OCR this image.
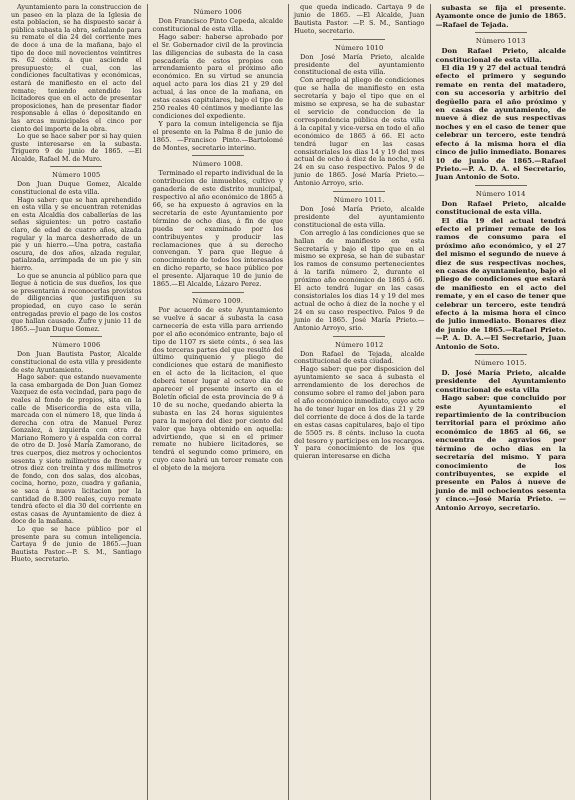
Ayuntamiento para la construccion de un paseo en la plaza de la Iglesia de esta poblacion, se ha dispuesto sacar á pública subasta la obra, señalando para su remate el dia 24 del corriente mes de doce á una de la mañana, bajo el tipo de doce mil novecientos veintitres rs. 62 cénts. á que asciende el presupuesto; el cual, con las condiciones facultativas y económicas, estará de manifiesto en el acto del remate; teniendo entendido los licitadores que en el acto de presentar proposiciones, han de presentar fiador responsable á ellas ó depositando en las arcas municipales el cinco por ciento del importe de la obra.

Lo que se hace saber por si hay quien guste interesarse en la subasta. Triguero 9 de junio de 1865. —El Alcalde, Rafael M. de Muro.

Número 1005

Don Juan Duque Gomez, Alcalde constitucional de esta villa.

Hago saber: que se han aprehendido en esta villa y se encuentran retenidas en esta Alcaldía dos caballerías de las señas siguientes: un potro castaño claro, de edad de cuatro años, alzada regular y la marca desherrado de un pie y un hierro.—Una potra, castaña oscura, de dos años, alzada regular, patialzada, arrimpada de un pie y sin hierro.

Lo que se anuncia al público para que llegue á noticia de sus dueños, los que se presentarán á reconocerlas provistos de diligencias que justifiquen su propiedad, en cuyo caso le serán entregadas previo el pago de los costos que hallan causado. Zufre y junio 11 de 1865.—Juan Duque Gomez.

Número 1006

Don Juan Bautista Pastor, Alcalde constitucional de esta villa y presidente de este Ayuntamiento.

Hago saber: que estando nuevamente la casa embargada de Don Juan Gomez Vazquez de esta vecindad, para pago de reales al fondo de propios, sita en la calle de Misericordia de esta villa, marcada con el número 18, que linda á derecha con otra de Manuel Perez Gonzalez, á izquierda con otra de Mariano Romero y á espalda con corral de otro de D. José María Zamorano, de tres cuerpos, diez metros y ochocientos sesenta y siete milímetros de frente y otros diez con treinta y dos milímetros de fondo, con dos salas, dos alcobas, cocina, horno, pozo, cuadra y gañania, se saca á nueva licitacion por la cantidad de 8.300 reales, cuyo remate tendrá efecto el dia 30 del corriente en estas casas de Ayuntamiento de diez á doce de la mañana.

Lo que se hace público por el presente para su comun inteligencia. Cartaya 9 de junio de 1865.—Juan Bautista Pastor.—P. S. M., Santiago Hueto, secretario.

Número 1006

Don Francisco Pinto Cepeda, alcalde constitucional de esta villa.

Hago saber: haberse aprobado por el Sr. Gobernador civil de la provincia las diligencias de subasta de la casa pescadería de estos propios con arrendamiento para el próximo año económico. En su virtud se anuncia aquel acto para los dias 21 y 29 del actual, á las once de la mañana, en estas casas capitulares, bajo el tipo de 250 reales 40 céntimos y mediante las condiciones del expediente.

Y para la comun inteligencia se fija el presente en la Palma 8 de junio de 1865. —Francisco Pinto.—Bartolomé de Montes, secretario interino.

Número 1008.

Terminado el reparto individual de la contribucion de inmuebles, cultivo y ganadería de este distrito municipal, respectivo al año económico de 1865 á 66, se ha expuesto á agravios en la secretaría de este Ayuntamiento por término de ocho dias, á fin de que pueda ser examinado por los contribuyentes y producir las reclamaciones que á su derecho convengan. Y para que llegue á conocimiento de todos los interesados en dicho reparto, se hace público por el presente. Aljaraque 10 de junio de 1865.—El Alcalde, Lázaro Perez.

Número 1009.

Por acuerdo de este Ayuntamiento se vuelve á sacar á subasta la casa carnecería de esta villa para arriendo por el año económico entrante, bajo el tipo de 1107 rs siete cénts., ó sea las dos terceras partes del que resultó del último quinquenio y pliego de condiciones que estará de manifiesto en el acto de la licitacion, el que deberá tener lugar al octavo dia de aparecer el presente inserto en el Boletín oficial de esta provincia de 9 á 10 de su noche, quedando abierta la subasta en las 24 horas siguientes para la mejora del diez por ciento del valor que haya obtenido en aquella: advirtiendo, que si en el primer remate no hubiere licitadores, se tendrá el segundo como primero, en cuyo caso habrá un tercer remate con el objeto de la mejora

que queda indicado. Cartaya 9 de junio de 1865. —El Alcalde, Juan Bautista Pastor. —P. S. M., Santiago Hueto, secretario.

Número 1010

Don José María Prieto, alcalde presidente del ayuntamiento constitucional de esta villa.

Con arreglo al pliego de condiciones que se halla de manifiesto en esta secretaría y bajo el tipo que en el mismo se expresa, se ha de subastar el servicio de conduccion de la correspondencia pública de esta villa á la capital y vice-versa en todo el año económico de 1865 á 66. El acto tendrá lugar en las casas consistoriales los dias 14 y 19 del mes actual de ocho á diez de la noche, y el 24 en su caso respectivo. Palos 9 de junio de 1865. José María Prieto.—Antonio Arroyo, srio.

Número 1011.

Don José María Prieto, alcalde presidente del ayuntamiento constitucional de esta villa.

Con arreglo á las condiciones que se hallan de manifiesto en esta Secretaría y bajo el tipo que en el mismo se expresa, se han de subastar los ramos de consumo pertenecientes á la tarifa número 2, durante el próximo año económico de 1865 á 66. El acto tendrá lugar en las casas consistoriales los dias 14 y 19 del mes actual de ocho á diez de la noche y el 24 en su caso respectivo. Palos 9 de junio de 1865. José María Prieto.—Antonio Arroyo, srio.

Número 1012

Don Rafael de Tejada, alcalde constitucional de esta ciudad.

Hago saber: que por disposicion del ayuntamiento se saca á subasta el arrendamiento de los derechos de consumo sobre el ramo del jabon para el año económico inmediato, cuyo acto ha de tener lugar en los dias 21 y 29 del corriente de doce á dos de la tarde en estas casas capitulares, bajo el tipo de 5505 rs. 8 cénts. incluso la cuota del tesoro y participes en los recargos. Y para conocimiento de los que quieran interesarse en dicha

subasta se fija el presente. Ayamonte once de junio de 1865.—Rafael de Tejada.

Número 1013

Don Rafael Prieto, alcalde constitucional de esta villa.

El dia 19 y 27 del actual tendrá efecto el primero y segundo remate en renta del matadero, con su accesoria y arbitrio del degüello para el año próximo y en casas de ayuntamiento, de nueve á diez de sus respectivas noches y en el caso de tener que celebrar un tercero, este tendrá efecto á la misma hora el dia cinco de julio inmediato. Bonares 10 de junio de 1865.—Rafael Prieto.—P. A. D. A. el Secretario, Juan Antonio de Soto.

Número 1014

Don Rafael Prieto, alcalde constitucional de esta villa.

El dia 19 del actual tendrá efecto el primer remate de los ramos de consumo para el próximo año económico, y el 27 del mismo el segundo de nueve á diez de sus respectivas noches, en casas de ayuntamiento, bajo el pliego de condiciones que estará de manifiesto en el acto del remate, y en el caso de tener que celebrar un tercero, este tendrá efecto á la misma hora el cinco de julio inmediato. Bonares diez de junio de 1865.—Rafael Prieto.—P. A. D. A.—El Secretario, Juan Antonio de Soto.

Número 1015.

D. José María Prieto, alcalde presidente del Ayuntamiento constitucional de esta villa

Hago saber: que concluido por este Ayuntamiento el repartimiento de la contribucion territorial para el próximo año económico de 1865 al 66, se encuentra de agravios por término de ocho dias en la secretaría del mismo. Y para conocimiento de los contribuyentes, se expide el presente en Palos á nueve de junio de mil ochocientos sesenta y cinco.—José María Prieto. —Antonio Arroyo, secretario.
